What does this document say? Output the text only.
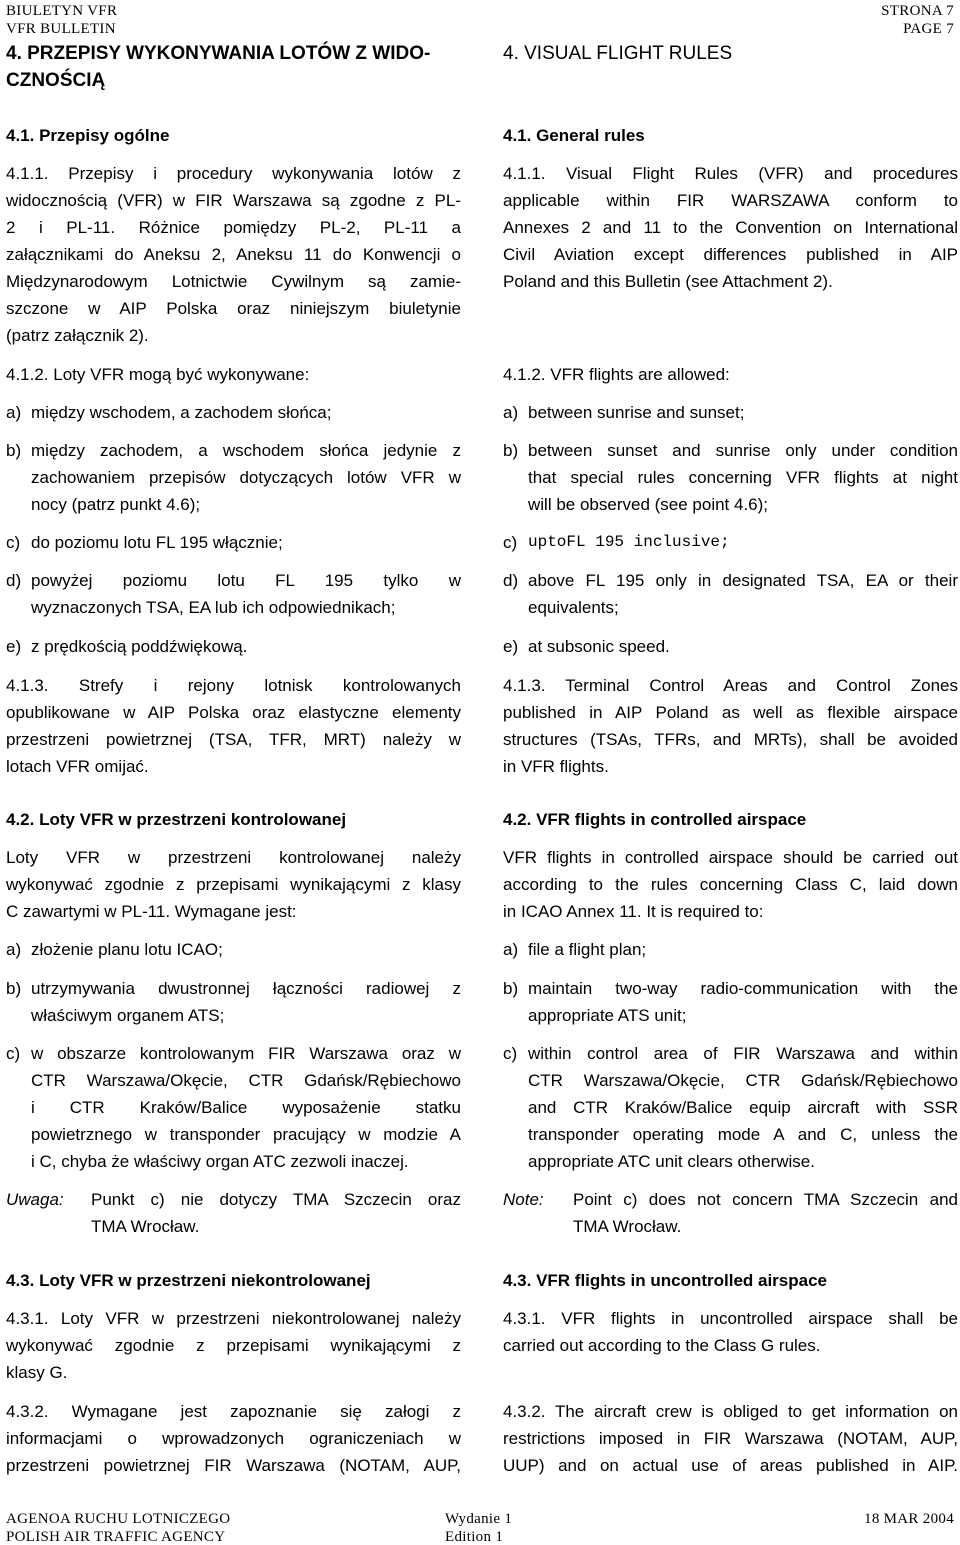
BIULETYN VFR
VFR BULLETIN
STRONA 7
PAGE 7
4. PRZEPISY WYKONYWANIA LOTÓW Z WIDO-
CZNOŚCIĄ
4.1. Przepisy ogólne
4.1.1. Przepisy i procedury wykonywania lotów z
widocznością (VFR) w FIR Warszawa są zgodne z PL-
2 i PL-11. Różnice pomiędzy PL-2, PL-11 a
załącznikami do Aneksu 2, Aneksu 11 do Konwencji o
Międzynarodowym Lotnictwie Cywilnym są zamie-
szczone w AIP Polska oraz niniejszym biuletynie
(patrz załącznik 2).
4.1.2. Loty VFR mogą być wykonywane:
a) między wschodem, a zachodem słońca;
b) między zachodem, a wschodem słońca jedynie z
zachowaniem przepisów dotyczących lotów VFR w
nocy (patrz punkt 4.6);
c) do poziomu lotu FL 195 włącznie;
d) powyżej poziomu lotu FL 195 tylko w
wyznaczonych TSA, EA lub ich odpowiednikach;
e) z prędkością poddźwiękową.
4.1.3. Strefy i rejony lotnisk kontrolowanych
opublikowane w AIP Polska oraz elastyczne elementy
przestrzeni powietrznej (TSA, TFR, MRT) należy w
lotach VFR omijać.
4.2. Loty VFR w przestrzeni kontrolowanej
Loty VFR w przestrzeni kontrolowanej należy
wykonywać zgodnie z przepisami wynikającymi z klasy
C zawartymi w PL-11. Wymagane jest:
a) złożenie planu lotu ICAO;
b) utrzymywania dwustronnej łączności radiowej z
właściwym organem ATS;
c) w obszarze kontrolowanym FIR Warszawa oraz w
CTR Warszawa/Okęcie, CTR Gdańsk/Rębiechowo
i CTR Kraków/Balice wyposażenie statku
powietrznego w transponder pracujący w modzie A
i C, chyba że właściwy organ ATC zezwoli inaczej.
Uwaga: Punkt c) nie dotyczy TMA Szczecin oraz
TMA Wrocław.
4.3. Loty VFR w przestrzeni niekontrolowanej
4.3.1. Loty VFR w przestrzeni niekontrolowanej należy
wykonywać zgodnie z przepisami wynikającymi z
klasy G.
4.3.2. Wymagane jest zapoznanie się załogi z
informacjami o wprowadzonych ograniczeniach w
przestrzeni powietrznej FIR Warszawa (NOTAM, AUP,
4. VISUAL FLIGHT RULES
4.1. General rules
4.1.1. Visual Flight Rules (VFR) and procedures
applicable within FIR WARSZAWA conform to
Annexes 2 and 11 to the Convention on International
Civil Aviation except differences published in AIP
Poland and this Bulletin (see Attachment 2).
4.1.2. VFR flights are allowed:
a) between sunrise and sunset;
b) between sunset and sunrise only under condition
that special rules concerning VFR flights at night
will be observed (see point 4.6);
c) uptoFL 195 inclusive;
d) above FL 195 only in designated TSA, EA or their
equivalents;
e) at subsonic speed.
4.1.3. Terminal Control Areas and Control Zones
published in AIP Poland as well as flexible airspace
structures (TSAs, TFRs, and MRTs), shall be avoided
in VFR flights.
4.2. VFR flights in controlled airspace
VFR flights in controlled airspace should be carried out
according to the rules concerning Class C, laid down
in ICAO Annex 11. It is required to:
a) file a flight plan;
b) maintain two-way radio-communication with the
appropriate ATS unit;
c) within control area of FIR Warszawa and within
CTR Warszawa/Okęcie, CTR Gdańsk/Rębiechowo
and CTR Kraków/Balice equip aircraft with SSR
transponder operating mode A and C, unless the
appropriate ATC unit clears otherwise.
Note: Point c) does not concern TMA Szczecin and
TMA Wrocław.
4.3. VFR flights in uncontrolled airspace
4.3.1. VFR flights in uncontrolled airspace shall be
carried out according to the Class G rules.
4.3.2. The aircraft crew is obliged to get information on
restrictions imposed in FIR Warszawa (NOTAM, AUP,
UUP) and on actual use of areas published in AIP.
AGENOA RUCHU LOTNICZEGO
POLISH AIR TRAFFIC AGENCY
Wydanie 1
Edition 1
18 MAR 2004
